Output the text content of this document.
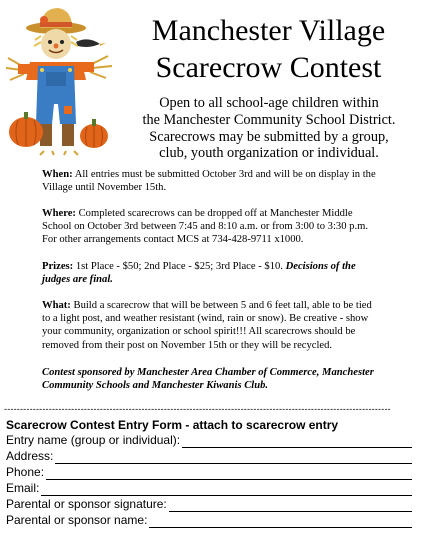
Manchester Village
Scarecrow Contest
Open to all school-age children within
the Manchester Community School District.
Scarecrows may be submitted by a group,
club, youth organization or individual.
When: All entries must be submitted October 3rd and will be on display in the Village until November 15th.
Where: Completed scarecrows can be dropped off at Manchester Middle School on October 3rd between 7:45 and 8:10 a.m. or from 3:00 to 3:30 p.m. For other arrangements contact MCS at 734-428-9711 x1000.
Prizes: 1st Place - $50; 2nd Place - $25; 3rd Place - $10. Decisions of the judges are final.
What: Build a scarecrow that will be between 5 and 6 feet tall, able to be tied to a light post, and weather resistant (wind, rain or snow). Be creative - show your community, organization or school spirit!!! All scarecrows should be removed from their post on November 15th or they will be recycled.
Contest sponsored by Manchester Area Chamber of Commerce, Manchester Community Schools and Manchester Kiwanis Club.
-------------------------------------------------------------------------------------------------------------------------
Scarecrow Contest Entry Form - attach to scarecrow entry
Entry name (group or individual):
Address:
Phone:
Email:
Parental or sponsor signature:
Parental or sponsor name:
